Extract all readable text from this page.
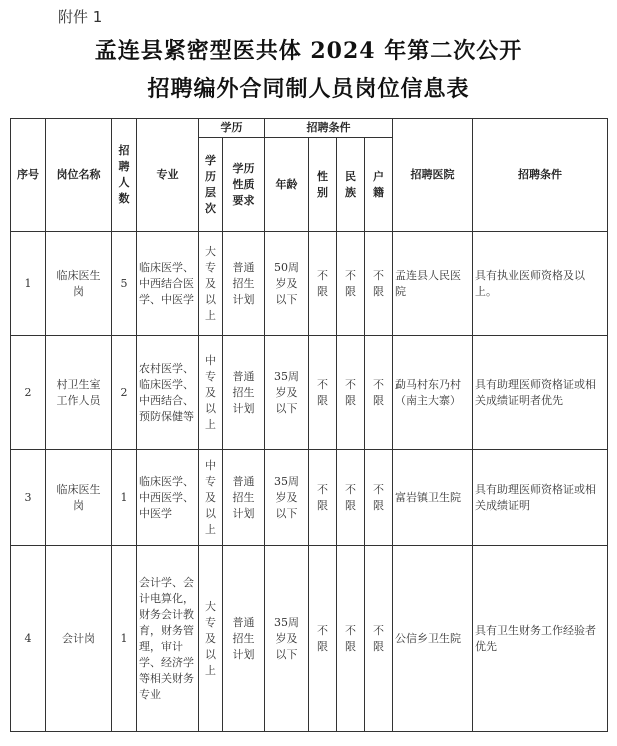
附件 1
孟连县紧密型医共体 2024 年第二次公开
招聘编外合同制人员岗位信息表
序号	岗位名称	招聘人数	专业	学历		招聘条件				招聘医院	招聘条件
				学历层次	学历性质要求	年龄	性别	民族	户籍		
1	临床医生岗	5	临床医学、中西结合医学、中医学	大专及以上	普通招生计划	50周岁及以下	不限	不限	不限	孟连县人民医院	具有执业医师资格及以上。
2	村卫生室工作人员	2	农村医学、临床医学、中西结合、预防保健等	中专及以上	普通招生计划	35周岁及以下	不限	不限	不限	勐马村东乃村（南主大寨）	具有助理医师资格证或相关成绩证明者优先
3	临床医生岗	1	临床医学、中西医学、中医学	中专及以上	普通招生计划	35周岁及以下	不限	不限	不限	富岩镇卫生院	具有助理医师资格证或相关成绩证明
4	会计岗	1	会计学、会计电算化，财务会计教育，财务管理，审计学、经济学等相关财务专业	大专及以上	普通招生计划	35周岁及以下	不限	不限	不限	公信乡卫生院	具有卫生财务工作经验者优先
